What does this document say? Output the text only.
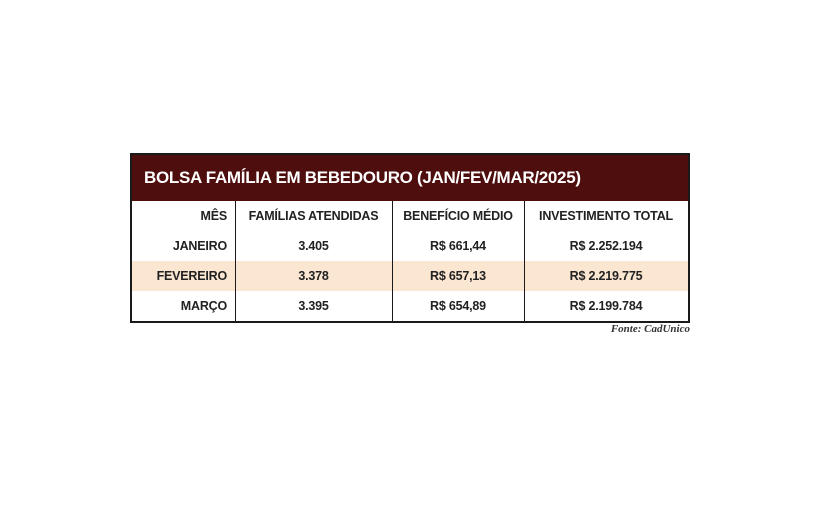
BOLSA FAMÍLIA EM BEBEDOURO (JAN/FEV/MAR/2025)
MÊS	FAMÍLIAS ATENDIDAS	BENEFÍCIO MÉDIO	INVESTIMENTO TOTAL
JANEIRO	3.405	R$ 661,44	R$ 2.252.194
FEVEREIRO	3.378	R$ 657,13	R$ 2.219.775
MARÇO	3.395	R$ 654,89	R$ 2.199.784
Fonte: CadUnico
